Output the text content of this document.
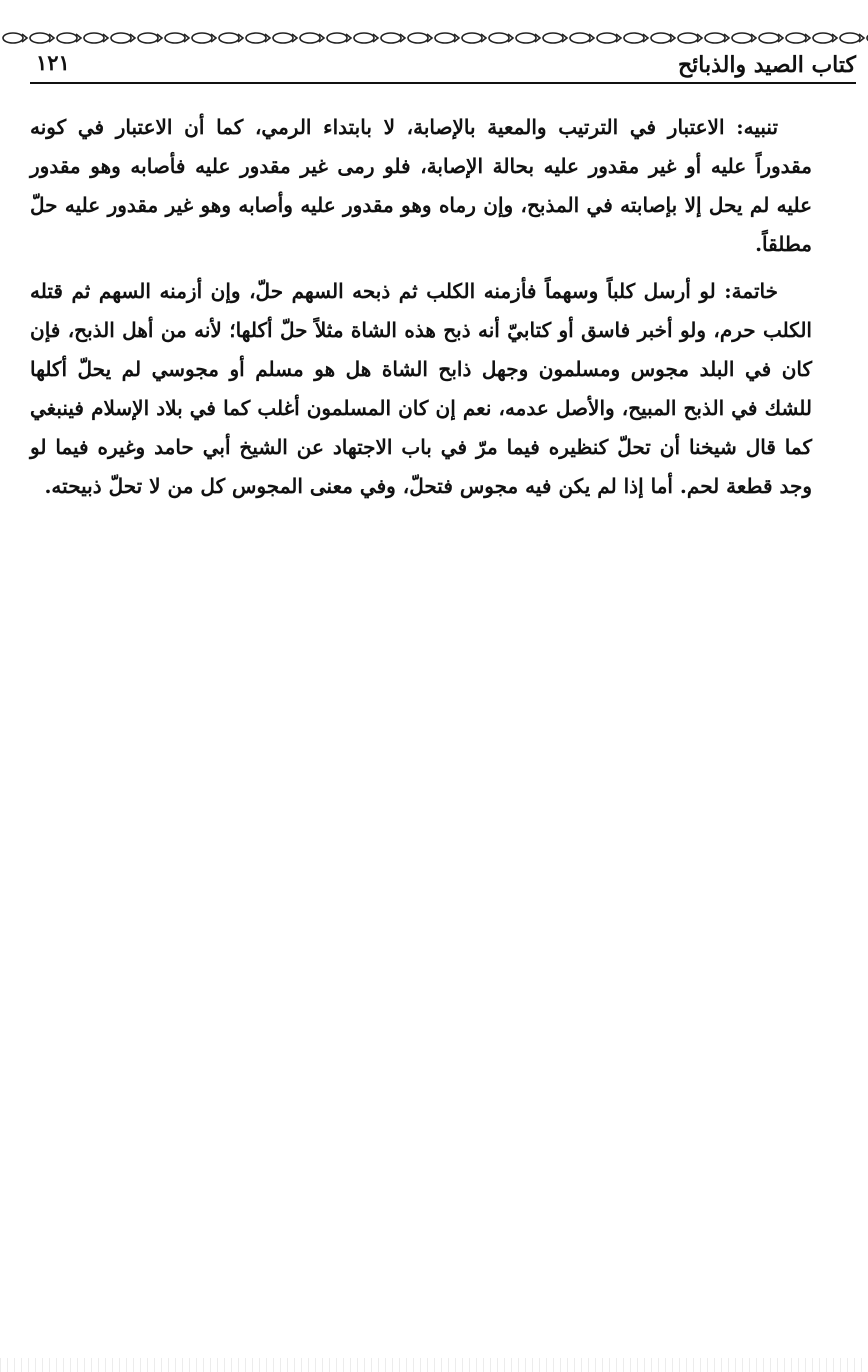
كتاب الصيد والذبائح
١٢١

تنبيه: الاعتبار في الترتيب والمعية بالإصابة، لا بابتداء الرمي، كما أن الاعتبار في كونه مقدوراً عليه أو غير مقدور عليه بحالة الإصابة، فلو رمى غير مقدور عليه فأصابه وهو مقدور عليه لم يحل إلا بإصابته في المذبح، وإن رماه وهو مقدور عليه وأصابه وهو غير مقدور عليه حلّ مطلقاً.

خاتمة: لو أرسل كلباً وسهماً فأزمنه الكلب ثم ذبحه السهم حلّ، وإن أزمنه السهم ثم قتله الكلب حرم، ولو أخبر فاسق أو كتابيّ أنه ذبح هذه الشاة مثلاً حلّ أكلها؛ لأنه من أهل الذبح، فإن كان في البلد مجوس ومسلمون وجهل ذابح الشاة هل هو مسلم أو مجوسي لم يحلّ أكلها للشك في الذبح المبيح، والأصل عدمه، نعم إن كان المسلمون أغلب كما في بلاد الإسلام فينبغي كما قال شيخنا أن تحلّ كنظيره فيما مرّ في باب الاجتهاد عن الشيخ أبي حامد وغيره فيما لو وجد قطعة لحم. أما إذا لم يكن فيه مجوس فتحلّ، وفي معنى المجوس كل من لا تحلّ ذبيحته.
